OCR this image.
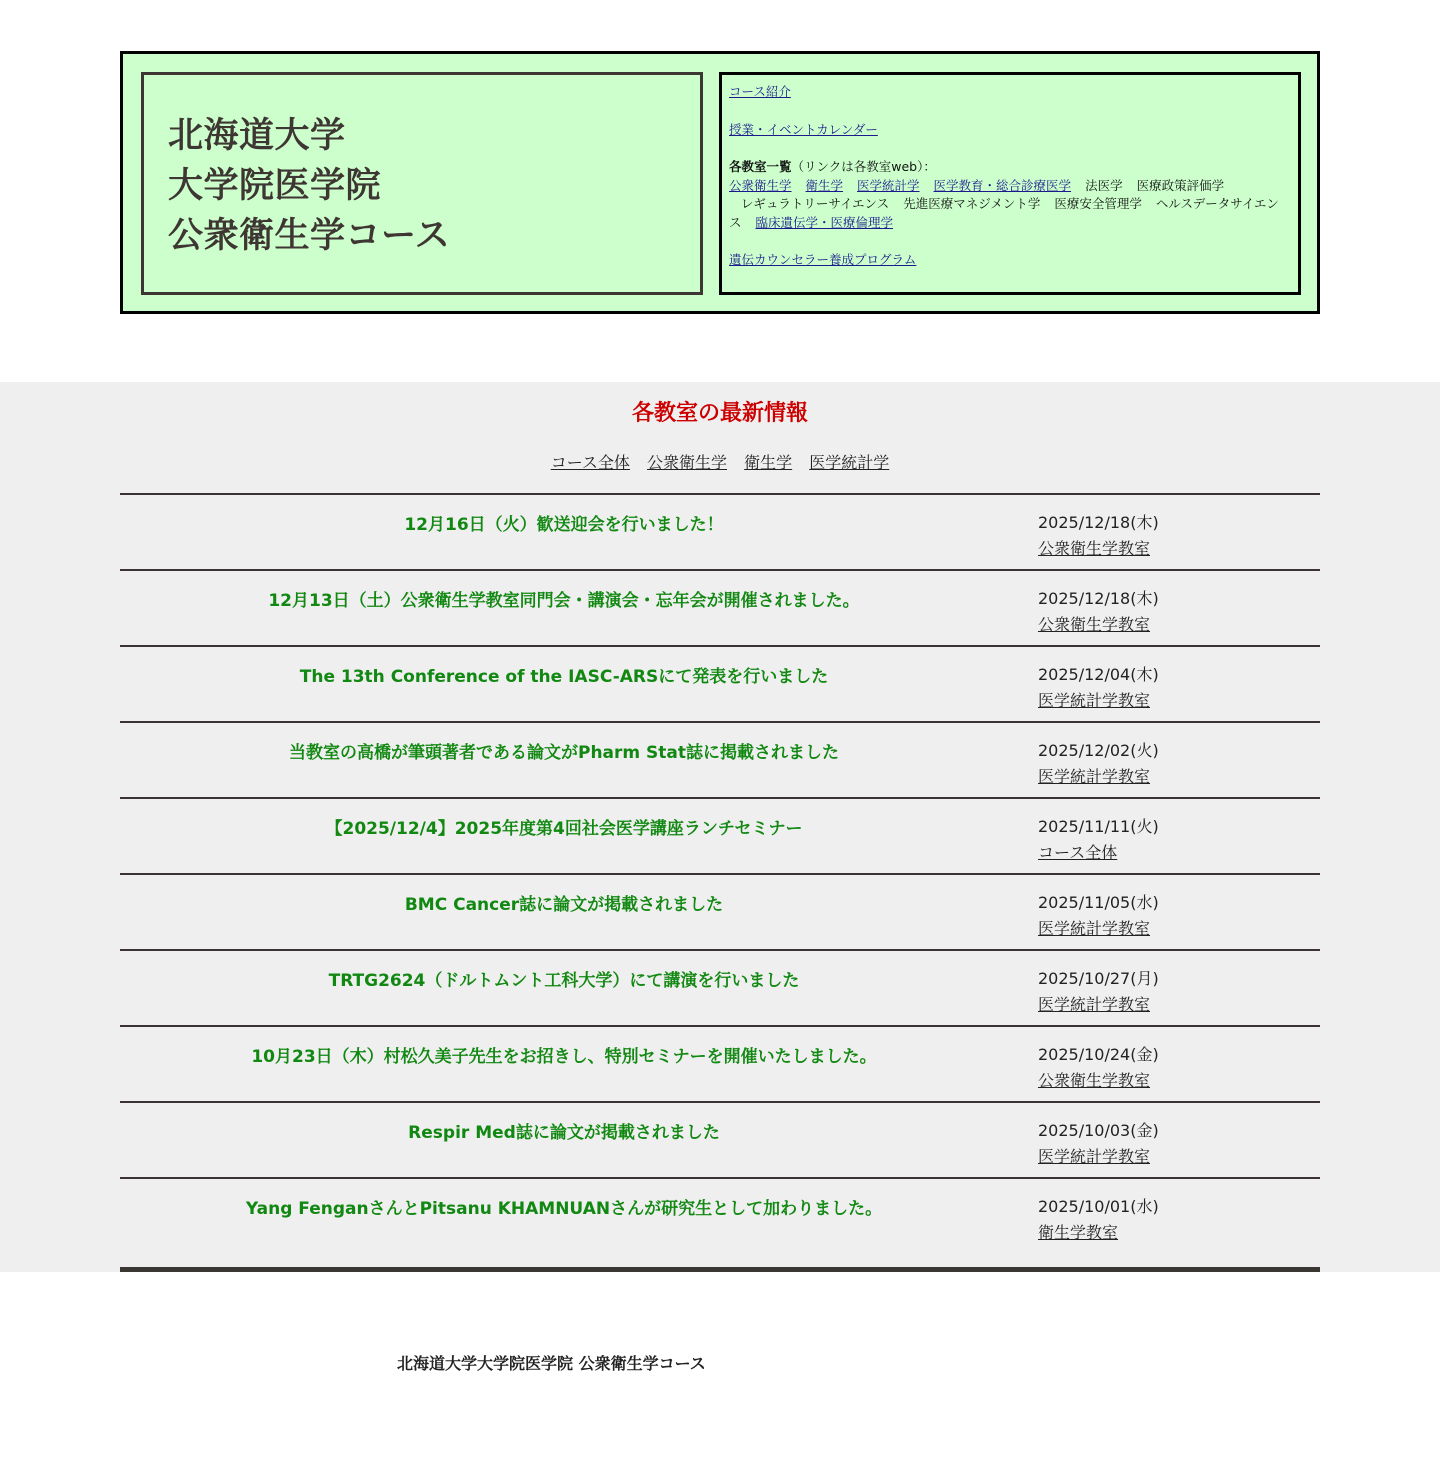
北海道大学
大学院医学院
公衆衛生学コース
コース紹介
授業・イベントカレンダー
各教室一覧（リンクは各教室web）：
公衆衛生学 衛生学 医学統計学 医学教育・総合診療医学 法医学 医療政策評価学
レギュラトリーサイエンス 先進医療マネジメント学 医療安全管理学 ヘルスデータサイエンス 臨床遺伝学・医療倫理学
遺伝カウンセラー養成プログラム
各教室の最新情報
コース全体 公衆衛生学 衛生学 医学統計学
12月16日（火）歓送迎会を行いました！	2025/12/18(木)
公衆衛生学教室
12月13日（土）公衆衛生学教室同門会・講演会・忘年会が開催されました。	2025/12/18(木)
公衆衛生学教室
The 13th Conference of the IASC-ARSにて発表を行いました	2025/12/04(木)
医学統計学教室
当教室の高橋が筆頭著者である論文がPharm Stat誌に掲載されました	2025/12/02(火)
医学統計学教室
【2025/12/4】2025年度第4回社会医学講座ランチセミナー	2025/11/11(火)
コース全体
BMC Cancer誌に論文が掲載されました	2025/11/05(水)
医学統計学教室
TRTG2624（ドルトムント工科大学）にて講演を行いました	2025/10/27(月)
医学統計学教室
10月23日（木）村松久美子先生をお招きし、特別セミナーを開催いたしました。	2025/10/24(金)
公衆衛生学教室
Respir Med誌に論文が掲載されました	2025/10/03(金)
医学統計学教室
Yang FenganさんとPitsanu KHAMNUANさんが研究生として加わりました。	2025/10/01(水)
衛生学教室
北海道大学大学院医学院 公衆衛生学コース
